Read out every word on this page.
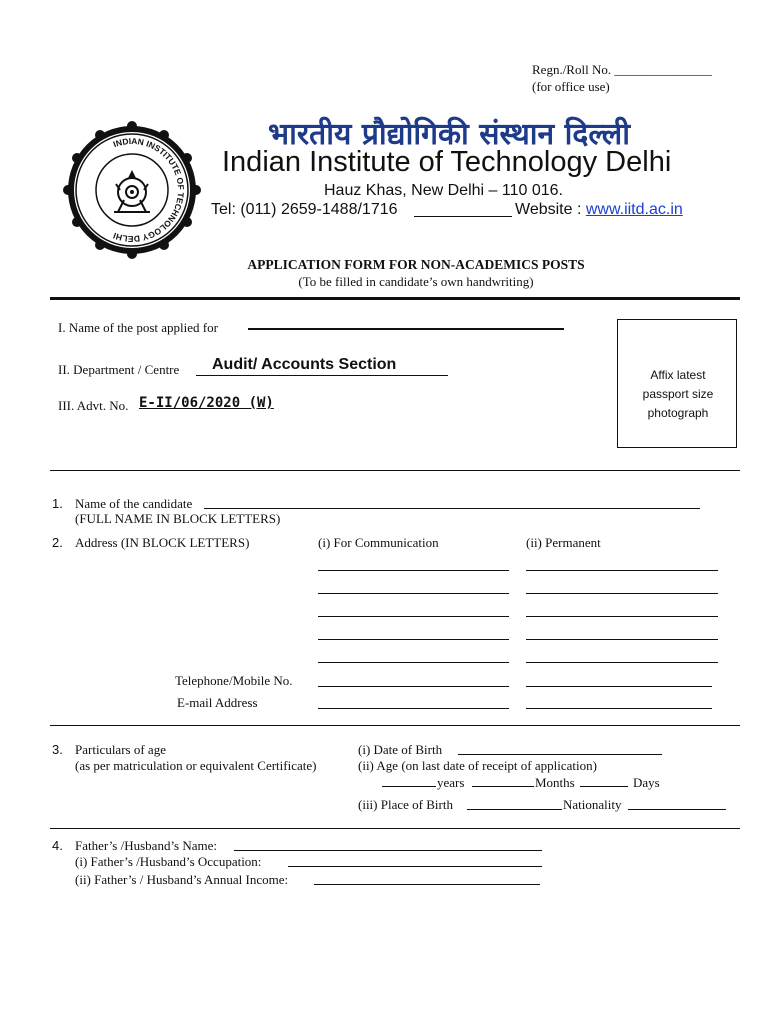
Regn./Roll No. _______________
(for office use)
INDIAN INSTITUTE OF TECHNOLOGY DELHI
भारतीय प्रौद्योगिकी संस्थान दिल्ली
Indian Institute of Technology Delhi
Hauz Khas, New Delhi – 110 016.
Tel: (011) 2659-1488/1716	Website : www.iitd.ac.in
APPLICATION FORM FOR NON-ACADEMICS POSTS
(To be filled in candidate’s own handwriting)
I. Name of the post applied for
II. Department / Centre Audit/ Accounts Section
III. Advt. No. E-II/06/2020 (W)
Affix latest
passport size
photograph
1. Name of the candidate
(FULL NAME IN BLOCK LETTERS)
2. Address (IN BLOCK LETTERS)	(i) For Communication	(ii) Permanent
Telephone/Mobile No.
E-mail Address
3. Particulars of age
(as per matriculation or equivalent Certificate)
(i) Date of Birth
(ii) Age (on last date of receipt of application)
years	Months	Days
(iii) Place of Birth	Nationality
4. Father’s /Husband’s Name:
(i) Father’s /Husband’s Occupation:
(ii) Father’s / Husband’s Annual Income:
